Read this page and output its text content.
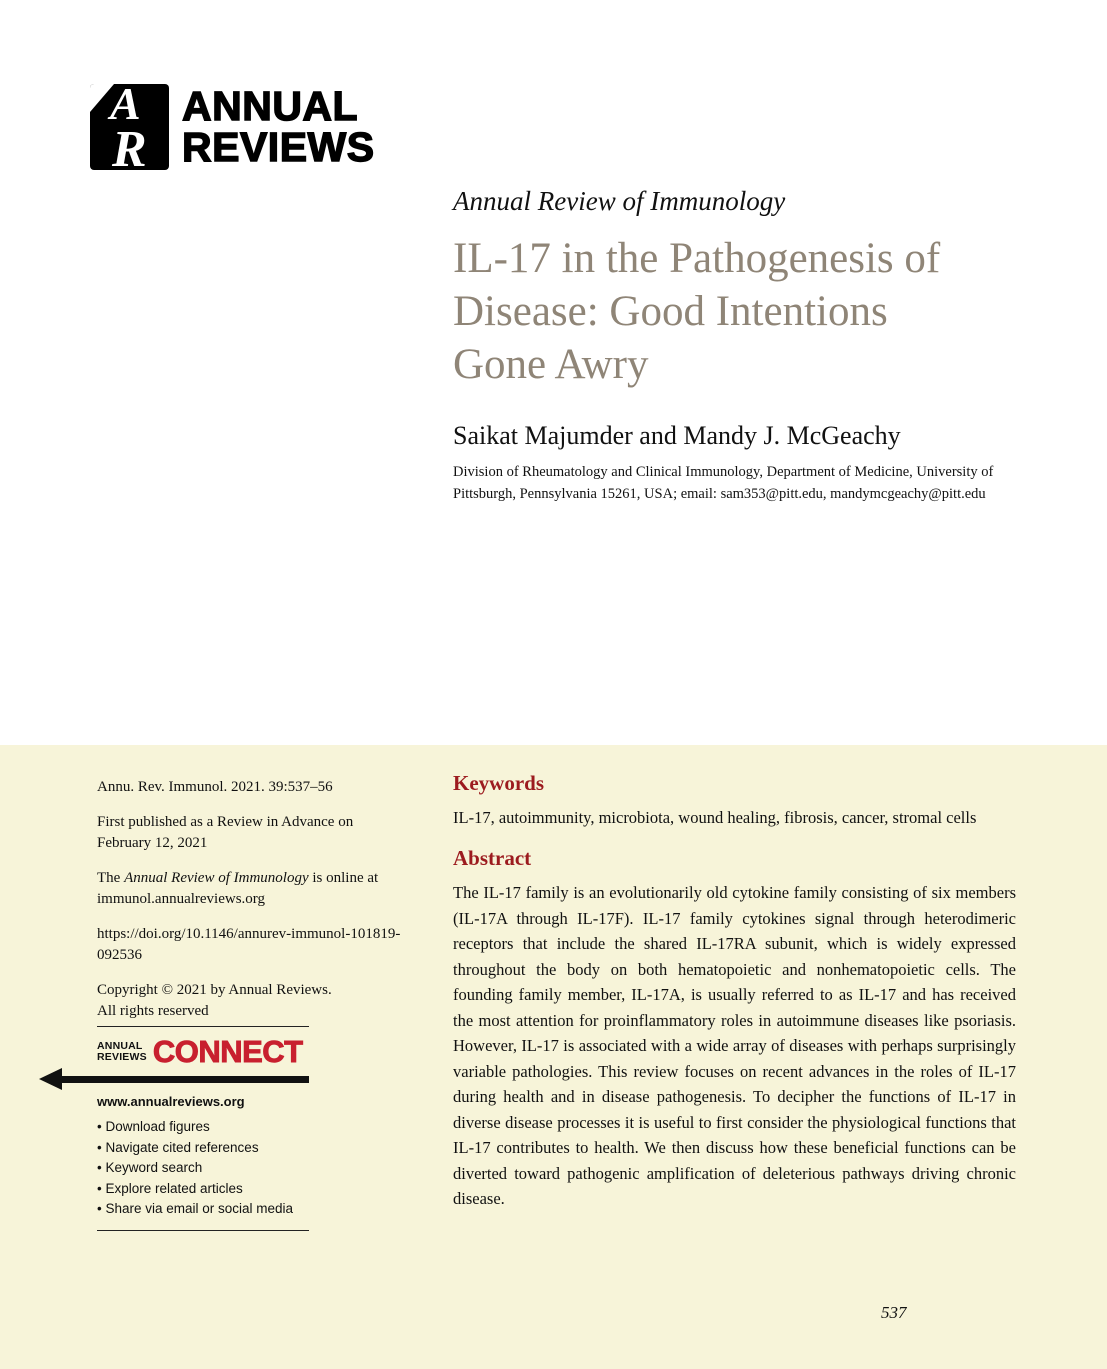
A
R
ANNUAL
REVIEWS
Annual Review of Immunology
IL-17 in the Pathogenesis of
Disease: Good Intentions
Gone Awry
Saikat Majumder and Mandy J. McGeachy
Division of Rheumatology and Clinical Immunology, Department of Medicine, University of Pittsburgh, Pennsylvania 15261, USA; email: sam353@pitt.edu, mandymcgeachy@pitt.edu
Annu. Rev. Immunol. 2021. 39:537–56
First published as a Review in Advance on
February 12, 2021
The Annual Review of Immunology is online at
immunol.annualreviews.org
https://doi.org/10.1146/annurev-immunol-101819-
092536
Copyright © 2021 by Annual Reviews.
All rights reserved
ANNUAL
REVIEWS CONNECT
www.annualreviews.org
• Download figures
• Navigate cited references
• Keyword search
• Explore related articles
• Share via email or social media
Keywords

IL-17, autoimmunity, microbiota, wound healing, fibrosis, cancer, stromal cells

Abstract

The IL-17 family is an evolutionarily old cytokine family consisting of six members (IL-17A through IL-17F). IL-17 family cytokines signal through heterodimeric receptors that include the shared IL-17RA subunit, which is widely expressed throughout the body on both hematopoietic and nonhematopoietic cells. The founding family member, IL-17A, is usually referred to as IL-17 and has received the most attention for proinflammatory roles in autoimmune diseases like psoriasis. However, IL-17 is associated with a wide array of diseases with perhaps surprisingly variable pathologies. This review focuses on recent advances in the roles of IL-17 during health and in disease pathogenesis. To decipher the functions of IL-17 in diverse disease processes it is useful to first consider the physiological functions that IL-17 contributes to health. We then discuss how these beneficial functions can be diverted toward pathogenic amplification of deleterious pathways driving chronic disease.

537
